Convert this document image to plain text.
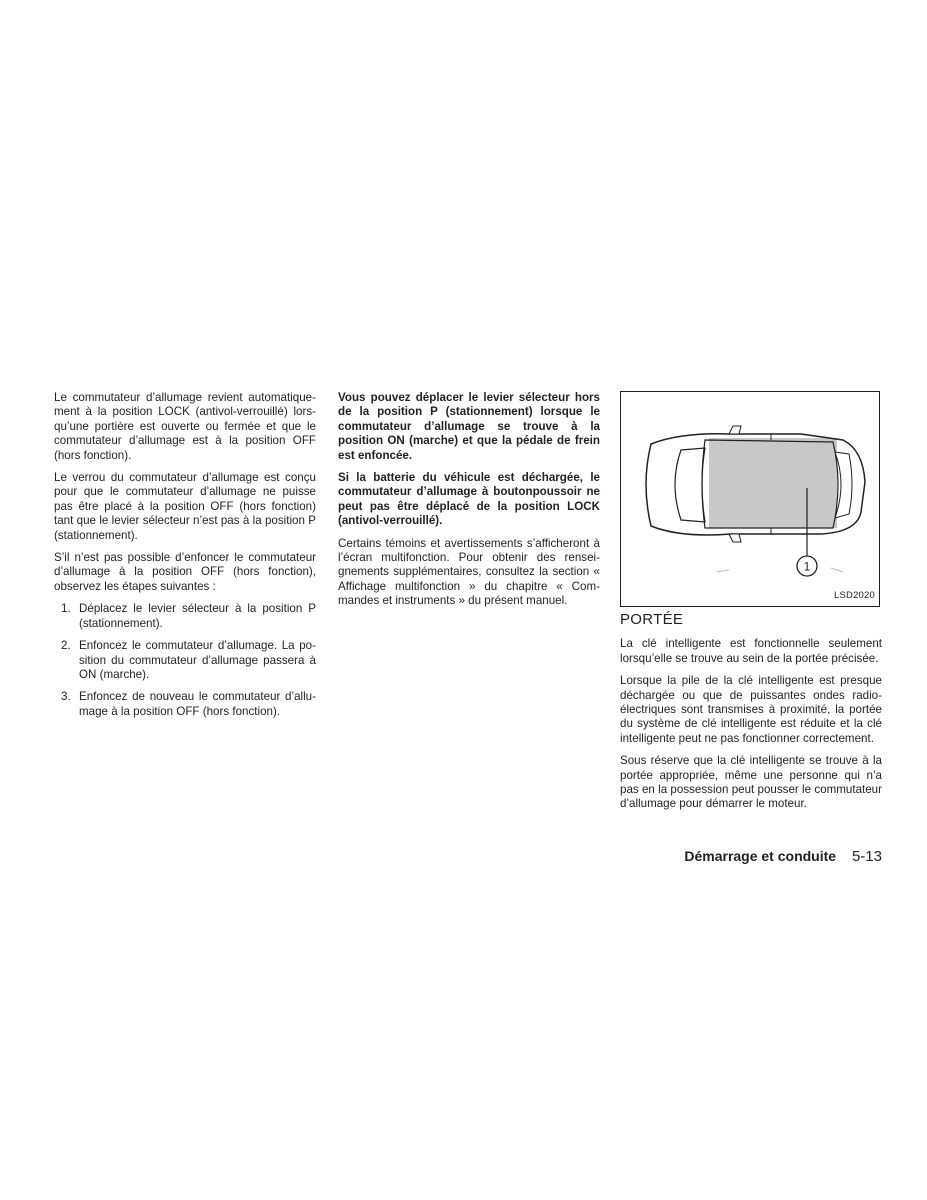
Le commutateur d’allumage revient automatiquement à la position LOCK (antivol-verrouillé) lorsqu’une portière est ouverte ou fermée et que le commutateur d’allumage est à la position OFF (hors fonction).

Le verrou du commutateur d’allumage est conçu pour que le commutateur d’allumage ne puisse pas être placé à la position OFF (hors fonction) tant que le levier sélecteur n’est pas à la position P (stationnement).

S’il n’est pas possible d’enfoncer le commutateur d’allumage à la position OFF (hors fonction), observez les étapes suivantes :

1. Déplacez le levier sélecteur à la position P (stationnement).
2. Enfoncez le commutateur d’allumage. La position du commutateur d’allumage passera à ON (marche).
3. Enfoncez de nouveau le commutateur d’allumage à la position OFF (hors fonction).

Vous pouvez déplacer le levier sélecteur hors de la position P (stationnement) lorsque le commutateur d’allumage se trouve à la position ON (marche) et que la pédale de frein est enfoncée.

Si la batterie du véhicule est déchargée, le commutateur d’allumage à boutonpoussoir ne peut pas être déplacé de la position LOCK (antivol-verrouillé).

Certains témoins et avertissements s’afficheront à l’écran multifonction. Pour obtenir des renseignements supplémentaires, consultez la section « Affichage multifonction » du chapitre « Commandes et instruments » du présent manuel.

1
LSD2020
PORTÉE

La clé intelligente est fonctionnelle seulement lorsqu’elle se trouve au sein de la portée précisée.

Lorsque la pile de la clé intelligente est presque déchargée ou que de puissantes ondes radioélectriques sont transmises à proximité, la portée du système de clé intelligente est réduite et la clé intelligente peut ne pas fonctionner correctement.

Sous réserve que la clé intelligente se trouve à la portée appropriée, même une personne qui n’a pas en la possession peut pousser le commutateur d’allumage pour démarrer le moteur.

Démarrage et conduite 5-13
